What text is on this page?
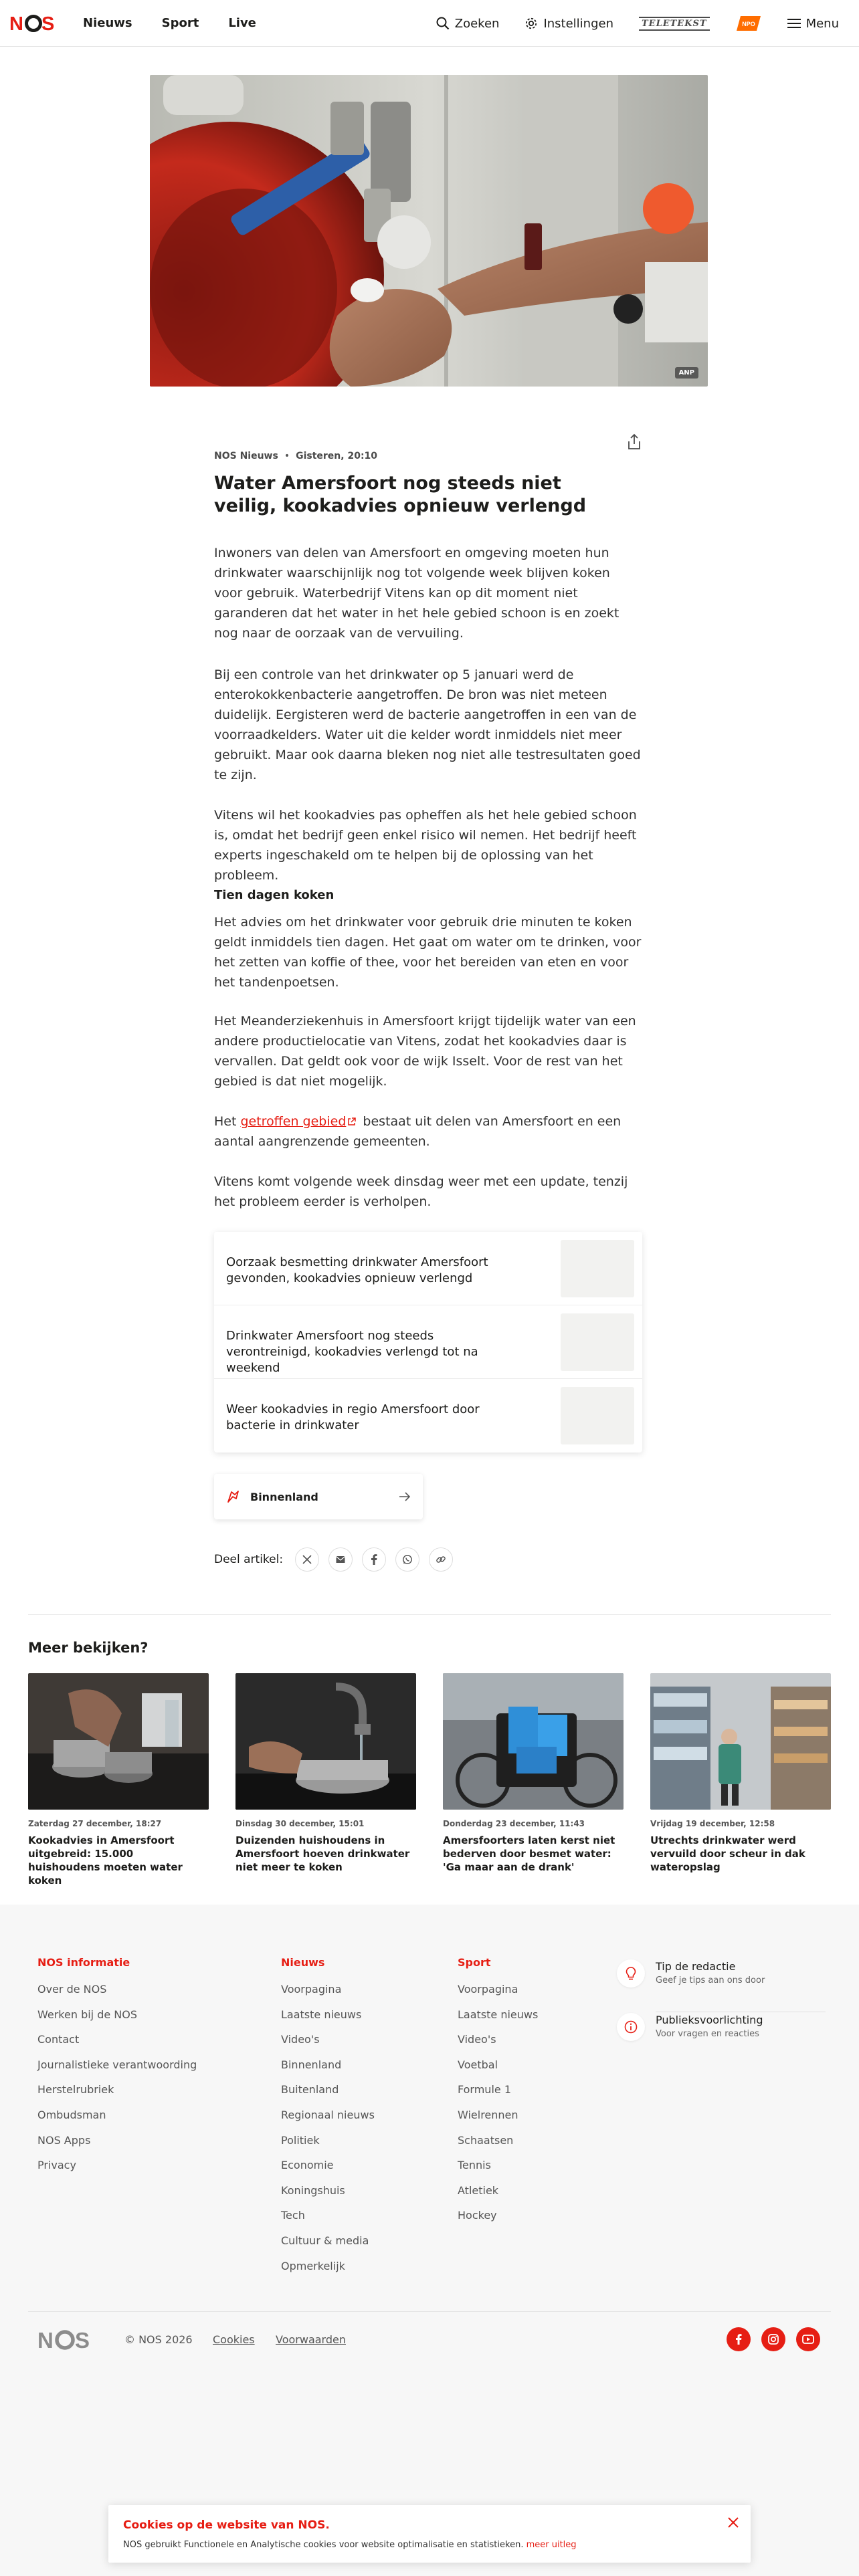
N S Nieuws Sport Live	Zoeken	Instellingen	TELETEKST	NPO	Menu
ANP
NOS Nieuws • Gisteren, 20:10
Water Amersfoort nog steeds niet veilig, kookadvies opnieuw verlengd

Inwoners van delen van Amersfoort en omgeving moeten hun drinkwater waarschijnlijk nog tot volgende week blijven koken voor gebruik. Waterbedrijf Vitens kan op dit moment niet garanderen dat het water in het hele gebied schoon is en zoekt nog naar de oorzaak van de vervuiling.

Bij een controle van het drinkwater op 5 januari werd de enterokokkenbacterie aangetroffen. De bron was niet meteen duidelijk. Eergisteren werd de bacterie aangetroffen in een van de voorraadkelders. Water uit die kelder wordt inmiddels niet meer gebruikt. Maar ook daarna bleken nog niet alle testresultaten goed te zijn.

Vitens wil het kookadvies pas opheffen als het hele gebied schoon is, omdat het bedrijf geen enkel risico wil nemen. Het bedrijf heeft experts ingeschakeld om te helpen bij de oplossing van het probleem.

Tien dagen koken

Het advies om het drinkwater voor gebruik drie minuten te koken geldt inmiddels tien dagen. Het gaat om water om te drinken, voor het zetten van koffie of thee, voor het bereiden van eten en voor het tandenpoetsen.

Het Meanderziekenhuis in Amersfoort krijgt tijdelijk water van een andere productielocatie van Vitens, zodat het kookadvies daar is vervallen. Dat geldt ook voor de wijk Isselt. Voor de rest van het gebied is dat niet mogelijk.

Het getroffen gebied bestaat uit delen van Amersfoort en een aantal aangrenzende gemeenten.

Vitens komt volgende week dinsdag weer met een update, tenzij het probleem eerder is verholpen.

Oorzaak besmetting drinkwater Amersfoort gevonden, kookadvies opnieuw verlengd
Drinkwater Amersfoort nog steeds verontreinigd, kookadvies verlengd tot na weekend
Weer kookadvies in regio Amersfoort door bacterie in drinkwater
Binnenland
Deel artikel:
Meer bekijken?
Zaterdag 27 december, 18:27
Kookadvies in Amersfoort uitgebreid: 15.000 huishoudens moeten water koken
Dinsdag 30 december, 15:01
Duizenden huishoudens in Amersfoort hoeven drinkwater niet meer te koken
Donderdag 23 december, 11:43
Amersfoorters laten kerst niet bederven door besmet water: 'Ga maar aan de drank'
Vrijdag 19 december, 12:58
Utrechts drinkwater werd vervuild door scheur in dak wateropslag
NOS informatie
Over de NOS
Werken bij de NOS
Contact
Journalistieke verantwoording
Herstelrubriek
Ombudsman
NOS Apps
Privacy
Nieuws
Voorpagina
Laatste nieuws
Video's
Binnenland
Buitenland
Regionaal nieuws
Politiek
Economie
Koningshuis
Tech
Cultuur & media
Opmerkelijk
Sport
Voorpagina
Laatste nieuws
Video's
Voetbal
Formule 1
Wielrennen
Schaatsen
Tennis
Atletiek
Hockey
Tip de redactie
Geef je tips aan ons door
Publieksvoorlichting
Voor vragen en reacties
N S	© NOS 2026 Cookies Voorwaarden
Cookies op de website van NOS.
NOS gebruikt Functionele en Analytische cookies voor website optimalisatie en statistieken. meer uitleg
